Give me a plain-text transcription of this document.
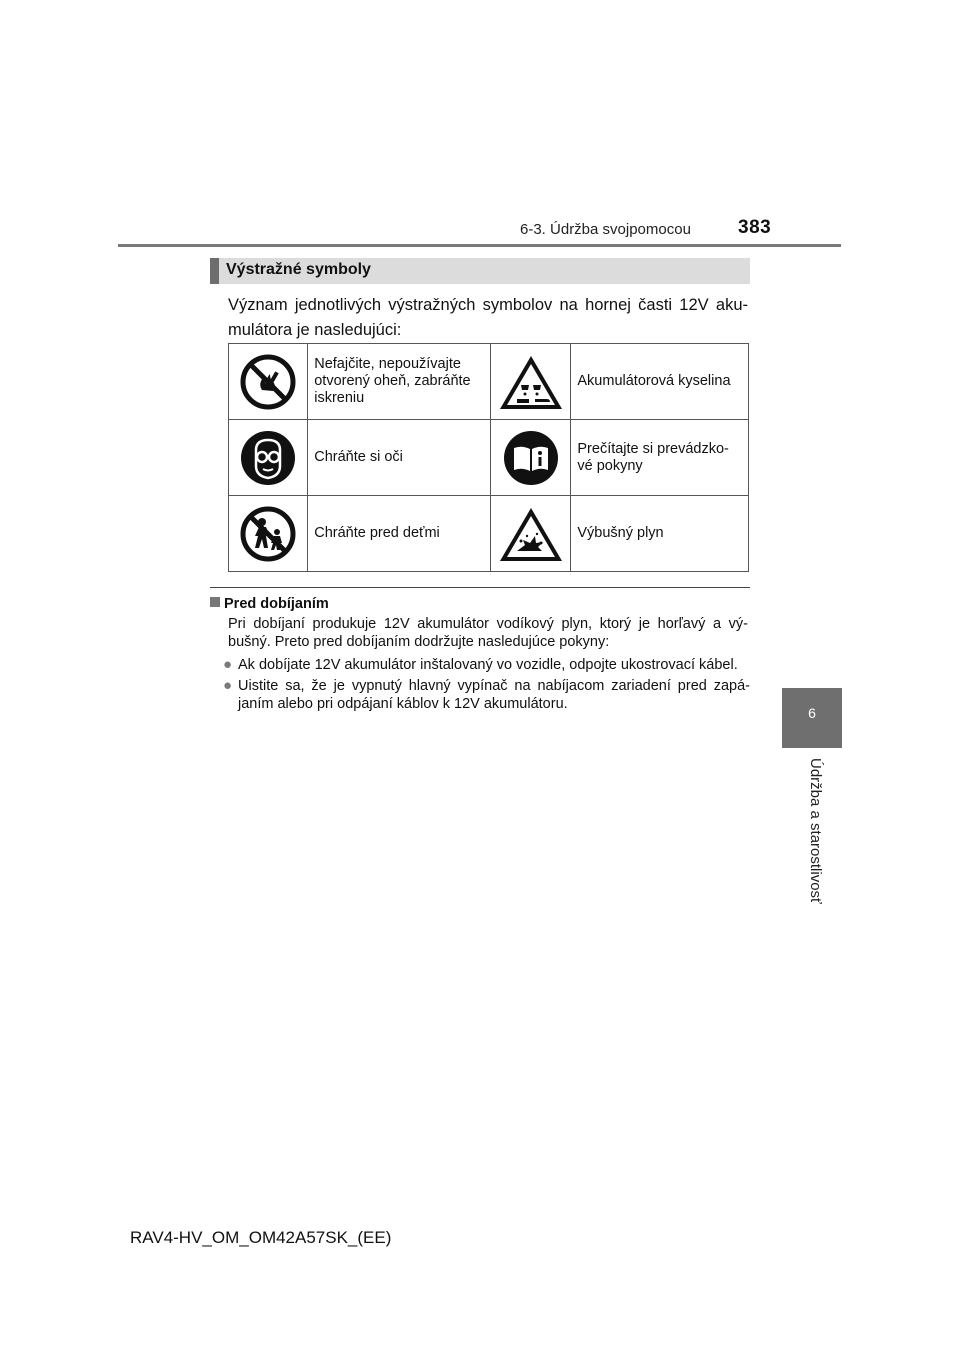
6-3. Údržba svojpomocou 383
6
Údržba a starostlivosť
Výstražné symboly
Význam jednotlivých výstražných symbolov na hornej časti 12V aku-mulátora je nasledujúci:
	Nefajčite, nepoužívajte otvorený oheň, zabráňte iskreniu		Akumulátorová kyselina

	Chráňte si oči		Prečítajte si prevádzko-vé pokyny

	Chráňte pred deťmi		Výbušný plyn
Pred dobíjaním
Pri dobíjaní produkuje 12V akumulátor vodíkový plyn, ktorý je horľavý a vý-bušný. Preto pred dobíjaním dodržujte nasledujúce pokyny:
● Ak dobíjate 12V akumulátor inštalovaný vo vozidle, odpojte ukostrovací kábel.
● Uistite sa, že je vypnutý hlavný vypínač na nabíjacom zariadení pred zapá-janím alebo pri odpájaní káblov k 12V akumulátoru.
RAV4-HV_OM_OM42A57SK_(EE)
